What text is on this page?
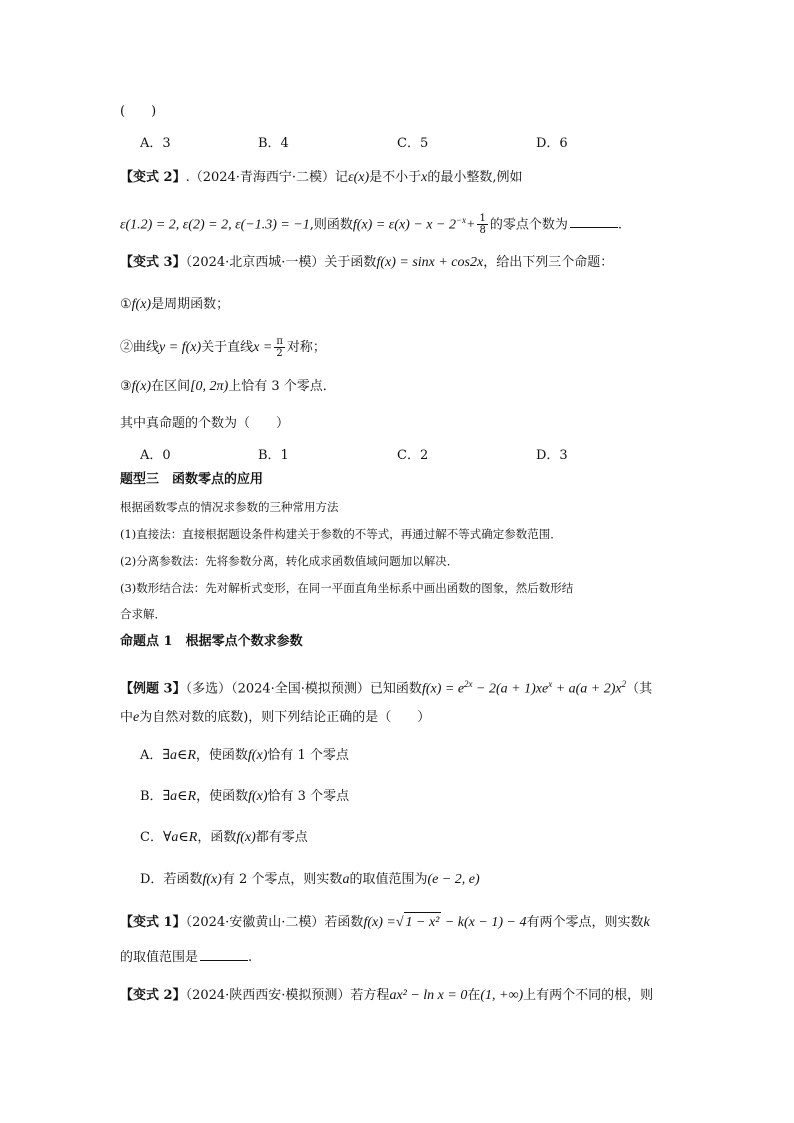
(　　)
A．3	B．4	C．5	D．6
【变式 2】.（2024·青海西宁·二模）记ε(x)是不小于x的最小整数,例如
ε(1.2) = 2, ε(2) = 2, ε(−1.3) = −1,则函数$f(x) = \varepsilon(x) - x - 2^{-x}+ \frac{1}{8}$ 的零点个数为	.
【变式 3】（2024·北京西城·一模）关于函数f(x) = sinx + cos2x，给出下列三个命题：
①f(x)是周期函数；
②曲线y = f(x)关于直线$x = \frac{\pi}{2}$ 对称；
③f(x)在区间[0, 2π)上恰有 3 个零点．
其中真命题的个数为（　　）
A．0	B．1	C．2	D．3
题型三　函数零点的应用
根据函数零点的情况求参数的三种常用方法
(1)直接法：直接根据题设条件构建关于参数的不等式，再通过解不等式确定参数范围．
(2)分离参数法：先将参数分离，转化成求函数值域问题加以解决．
(3)数形结合法：先对解析式变形，在同一平面直角坐标系中画出函数的图象，然后数形结
合求解．
命题点 1　根据零点个数求参数
【例题 3】（多选）（2024·全国·模拟预测）已知函数$f(x) = e^{2x} - 2(a + 1)xe^x + a(a + 2)x^2$（其
中e为自然对数的底数)，则下列结论正确的是（　　）
A．∃a∈R，使函数f(x)恰有 1 个零点
B．∃a∈R，使函数f(x)恰有 3 个零点
C．∀a∈R，函数f(x)都有零点
D．若函数f(x)有 2 个零点，则实数a的取值范围为(e − 2, e)
【变式 1】（2024·安徽黄山·二模）若函数f(x) =√ 1 − x² − k(x − 1) − 4有两个零点，则实数k
的取值范围是	.
【变式 2】（2024·陕西西安·模拟预测）若方程ax² − ln x = 0在(1, +∞)上有两个不同的根，则
